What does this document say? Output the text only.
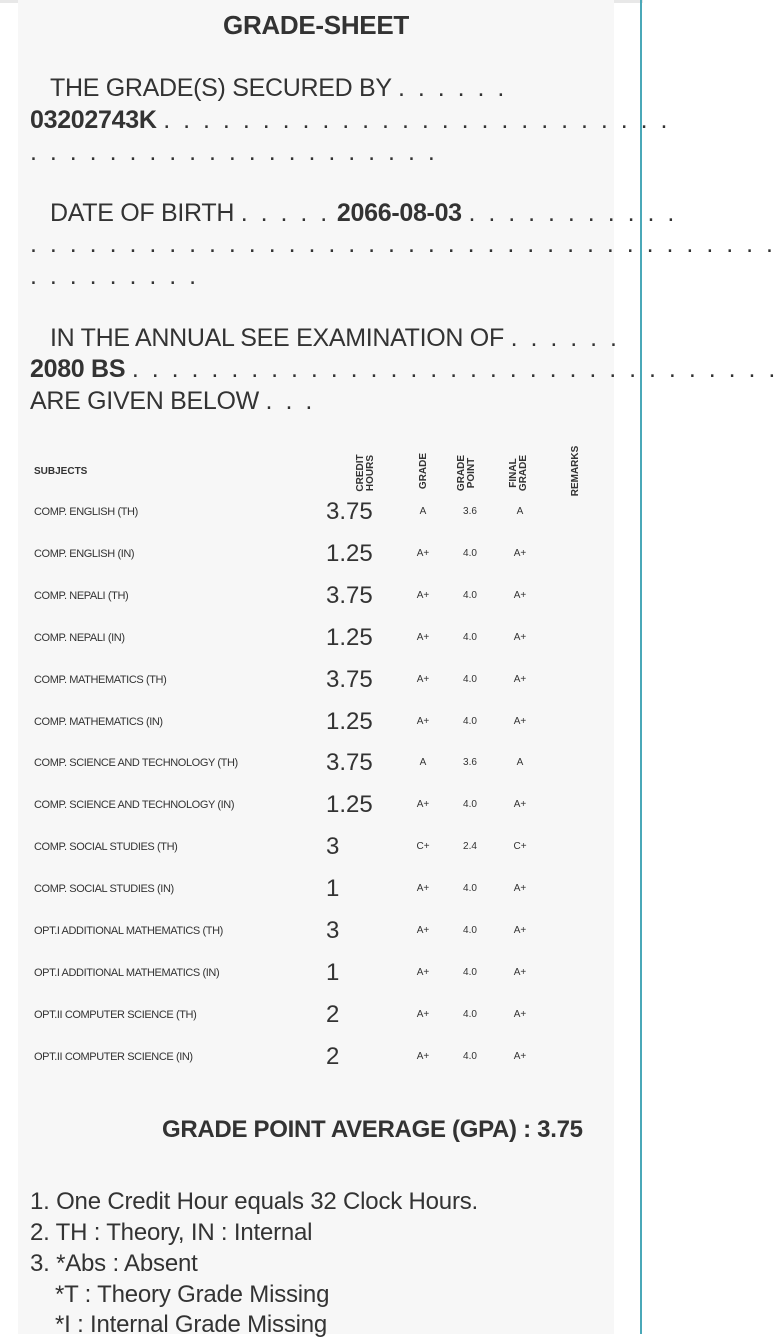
GRADE-SHEET
THE GRADE(S) SECURED BY . . . . . .
03202743K . . . . . . . . . . . . . . . . . . . . . . . . . .
. . . . . . . . . . . . . . . . . . . . .
DATE OF BIRTH . . . . . 2066-08-03 . . . . . . . . . . .
. . . . . . . . . . . . . . . . . . . . . . . . . . . . . . . . . . . . . .
. . . . . . . . .
IN THE ANNUAL SEE EXAMINATION OF . . . . . .
2080 BS . . . . . . . . . . . . . . . . . . . . . . . . . . . . . . . . .
ARE GIVEN BELOW . . .
SUBJECTS	CREDIT HOURS	GRADE	GRADE POINT	FINAL GRADE	REMARKS
COMP. ENGLISH (TH)	3.75	A	3.6	A
COMP. ENGLISH (IN)	1.25	A+	4.0	A+
COMP. NEPALI (TH)	3.75	A+	4.0	A+
COMP. NEPALI (IN)	1.25	A+	4.0	A+
COMP. MATHEMATICS (TH)	3.75	A+	4.0	A+
COMP. MATHEMATICS (IN)	1.25	A+	4.0	A+
COMP. SCIENCE AND TECHNOLOGY (TH)	3.75	A	3.6	A
COMP. SCIENCE AND TECHNOLOGY (IN)	1.25	A+	4.0	A+
COMP. SOCIAL STUDIES (TH)	3	C+	2.4	C+
COMP. SOCIAL STUDIES (IN)	1	A+	4.0	A+
OPT.I ADDITIONAL MATHEMATICS (TH)	3	A+	4.0	A+
OPT.I ADDITIONAL MATHEMATICS (IN)	1	A+	4.0	A+
OPT.II COMPUTER SCIENCE (TH)	2	A+	4.0	A+
OPT.II COMPUTER SCIENCE (IN)	2	A+	4.0	A+
GRADE POINT AVERAGE (GPA) : 3.75
1. One Credit Hour equals 32 Clock Hours.
2. TH : Theory, IN : Internal
3. *Abs : Absent
*T : Theory Grade Missing
*I : Internal Grade Missing
